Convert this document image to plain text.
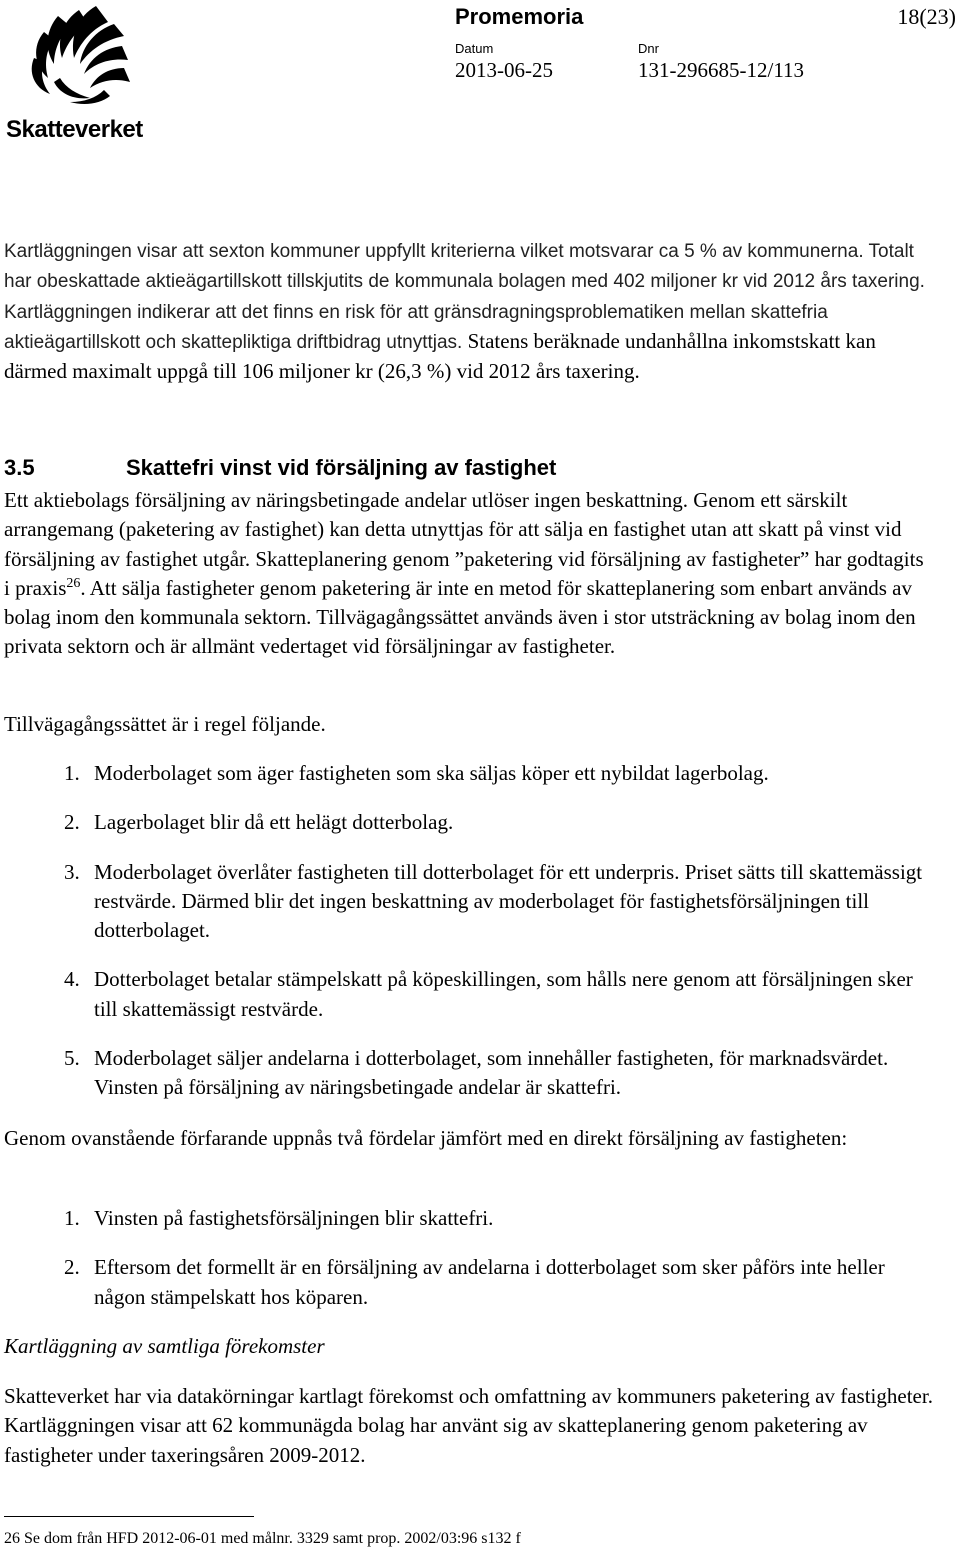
Skatteverket
Promemoria	18(23)
Datum
2013-06-25
Dnr
131-296685-12/113

Kartläggningen visar att sexton kommuner uppfyllt kriterierna vilket motsvarar ca 5 % av kommunerna. Totalt har obeskattade aktieägartillskott tillskjutits de kommunala bolagen med 402 miljoner kr vid 2012 års taxering. Kartläggningen indikerar att det finns en risk för att gränsdragningsproblematiken mellan skattefria aktieägartillskott och skattepliktiga driftbidrag utnyttjas. Statens beräknade undanhållna inkomstskatt kan därmed maximalt uppgå till 106 miljoner kr (26,3 %) vid 2012 års taxering.

3.5	Skattefri vinst vid försäljning av fastighet

Ett aktiebolags försäljning av näringsbetingade andelar utlöser ingen beskattning. Genom ett särskilt arrangemang (paketering av fastighet) kan detta utnyttjas för att sälja en fastighet utan att skatt på vinst vid försäljning av fastighet utgår. Skatteplanering genom ”paketering vid försäljning av fastigheter” har godtagits i praxis$^{26}$. Att sälja fastigheter genom paketering är inte en metod för skatteplanering som enbart används av bolag inom den kommunala sektorn. Tillvägagångssättet används även i stor utsträckning av bolag inom den privata sektorn och är allmänt vedertaget vid försäljningar av fastigheter.

Tillvägagångssättet är i regel följande.

1. Moderbolaget som äger fastigheten som ska säljas köper ett nybildat lagerbolag.
2. Lagerbolaget blir då ett helägt dotterbolag.
3. Moderbolaget överlåter fastigheten till dotterbolaget för ett underpris. Priset sätts till skattemässigt restvärde. Därmed blir det ingen beskattning av moderbolaget för fastighetsförsäljningen till dotterbolaget.
4. Dotterbolaget betalar stämpelskatt på köpeskillingen, som hålls nere genom att försäljningen sker till skattemässigt restvärde.
5. Moderbolaget säljer andelarna i dotterbolaget, som innehåller fastigheten, för marknadsvärdet. Vinsten på försäljning av näringsbetingade andelar är skattefri.

Genom ovanstående förfarande uppnås två fördelar jämfört med en direkt försäljning av fastigheten:

1. Vinsten på fastighetsförsäljningen blir skattefri.
2. Eftersom det formellt är en försäljning av andelarna i dotterbolaget som sker påförs inte heller någon stämpelskatt hos köparen.

Kartläggning av samtliga förekomster

Skatteverket har via datakörningar kartlagt förekomst och omfattning av kommuners paketering av fastigheter. Kartläggningen visar att 62 kommunägda bolag har använt sig av skatteplanering genom paketering av fastigheter under taxeringsåren 2009-2012.

26 Se dom från HFD 2012-06-01 med målnr. 3329 samt prop. 2002/03:96 s132 f
